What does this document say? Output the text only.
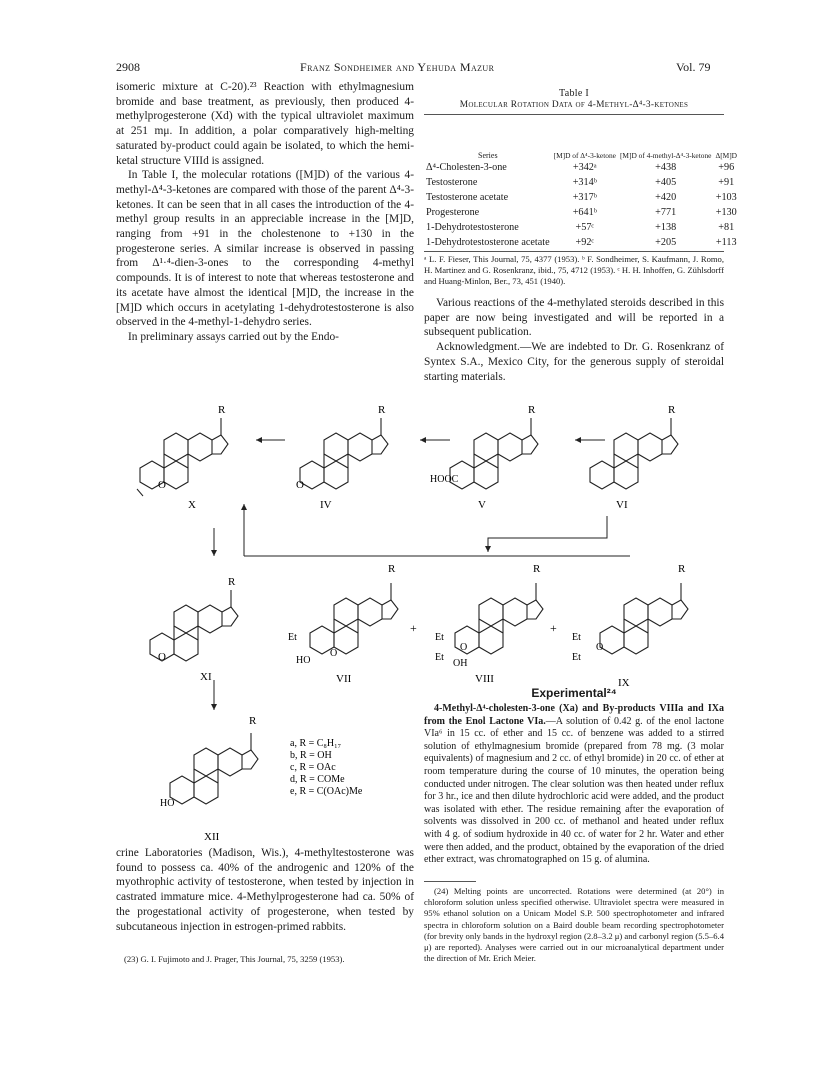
2908	Franz Sondheimer and Yehuda Mazur	Vol. 79

isomeric mixture at C-20).²³ Reaction with ethylmagnesium bromide and base treatment, as previously, then produced 4-methylprogesterone (Xd) with the typical ultraviolet maximum at 251 mμ. In addition, a polar comparatively high-melting saturated by-product could again be isolated, to which the hemi-ketal structure VIIId is assigned.

In Table I, the molecular rotations ([M]D) of the various 4-methyl-Δ⁴-3-ketones are compared with those of the parent Δ⁴-3-ketones. It can be seen that in all cases the introduction of the 4-methyl group results in an appreciable increase in the [M]D, ranging from +91 in the cholestenone to +130 in the progesterone series. A similar increase is observed in passing from Δ¹·⁴-dien-3-ones to the corresponding 4-methyl compounds. It is of interest to note that whereas testosterone and its acetate have almost the identical [M]D, the increase in the [M]D which occurs in acetylating 1-dehydrotestosterone is also observed in the 4-methyl-1-dehydro series.

In preliminary assays carried out by the Endo-

Table I
Molecular Rotation Data of 4-Methyl-Δ⁴-3-ketones
Series	[M]D of Δ⁴-3-ketone	[M]D of 4-methyl-Δ⁴-3-ketone	Δ[M]D
Δ⁴-Cholesten-3-one	+342ᵃ	+438	+96
Testosterone	+314ᵇ	+405	+91
Testosterone acetate	+317ᵇ	+420	+103
Progesterone	+641ᵇ	+771	+130
1-Dehydrotestosterone	+57ᶜ	+138	+81
1-Dehydrotestosterone acetate	+92ᶜ	+205	+113
ᵃ L. F. Fieser, This Journal, 75, 4377 (1953). ᵇ F. Sondheimer, S. Kaufmann, J. Romo, H. Martinez and G. Rosenkranz, ibid., 75, 4712 (1953). ᶜ H. H. Inhoffen, G. Zühlsdorff and Huang-Minlon, Ber., 73, 451 (1940).

Various reactions of the 4-methylated steroids described in this paper are now being investigated and will be reported in a subsequent publication.

Acknowledgment.—We are indebted to Dr. G. Rosenkranz of Syntex S.A., Mexico City, for the generous supply of steroidal starting materials.

O
R
X
O
R
IV
HOOC
R
V
R
VI
O
R
XI
R
Et
HO
O
VII
+
R
Et
Et
O
OH
VIII
+
R
Et
Et
O
IX
HO
R
XII
a, R = C₈H₁₇
b, R = OH
c, R = OAc
d, R = COMe
e, R = C(OAc)Me
Experimental²⁴

4-Methyl-Δ⁴-cholesten-3-one (Xa) and By-products VIIIa and IXa from the Enol Lactone VIa.—A solution of 0.42 g. of the enol lactone VIa⁶ in 15 cc. of ether and 15 cc. of benzene was added to a stirred solution of ethylmagnesium bromide (prepared from 78 mg. (3 molar equivalents) of magnesium and 2 cc. of ethyl bromide) in 20 cc. of ether at room temperature during the course of 10 minutes, the operation being conducted under nitrogen. The clear solution was then heated under reflux for 3 hr., ice and then dilute hydrochloric acid were added, and the product was isolated with ether. The residue remaining after the evaporation of solvents was dissolved in 200 cc. of methanol and heated under reflux with 4 g. of sodium hydroxide in 40 cc. of water for 2 hr. Water and ether were then added, and the product, obtained by the evaporation of the dried ether extract, was chromatographed on 15 g. of alumina.

(24) Melting points are uncorrected. Rotations were determined (at 20°) in chloroform solution unless specified otherwise. Ultraviolet spectra were measured in 95% ethanol solution on a Unicam Model S.P. 500 spectrophotometer and infrared spectra in chloroform solution on a Baird double beam recording spectrophotometer (for brevity only bands in the hydroxyl region (2.8–3.2 μ) and carbonyl region (5.5–6.4 μ) are reported). Analyses were carried out in our microanalytical department under the direction of Mr. Erich Meier.

crine Laboratories (Madison, Wis.), 4-methyltestosterone was found to possess ca. 40% of the androgenic and 120% of the myothrophic activity of testosterone, when tested by injection in castrated immature mice. 4-Methylprogesterone had ca. 50% of the progestational activity of progesterone, when tested by subcutaneous injection in estrogen-primed rabbits.

(23) G. I. Fujimoto and J. Prager, This Journal, 75, 3259 (1953).
